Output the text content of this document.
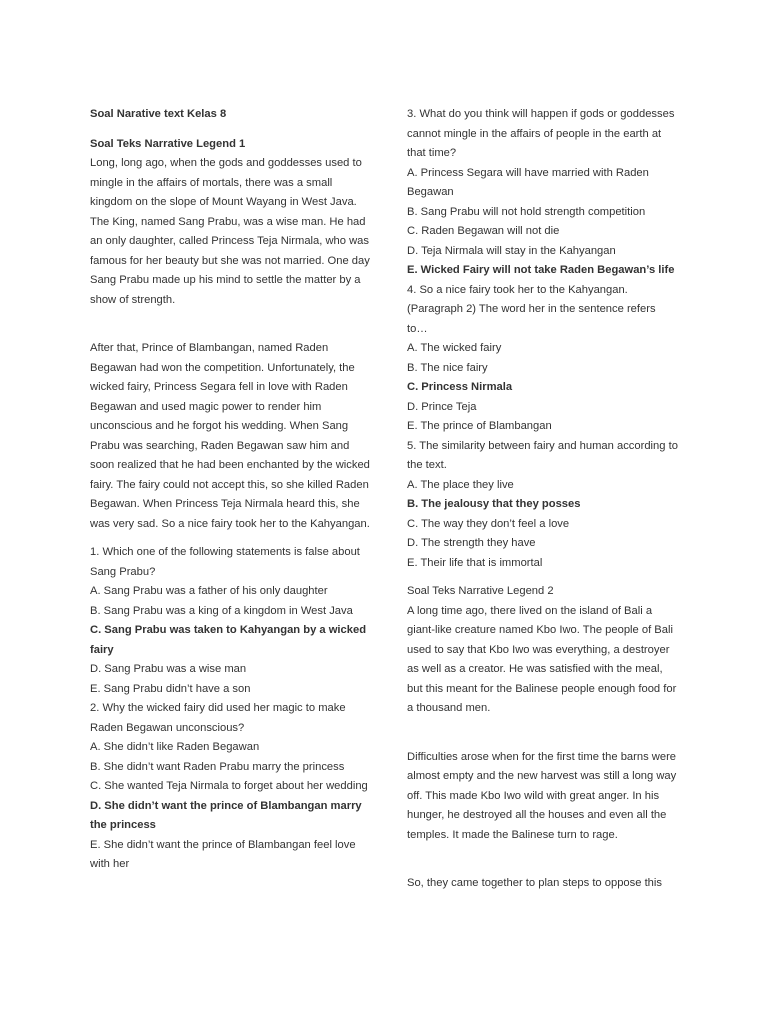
Soal Narative text Kelas 8

Soal Teks Narrative Legend 1

Long, long ago, when the gods and goddesses used to mingle in the affairs of mortals, there was a small kingdom on the slope of Mount Wayang in West Java. The King, named Sang Prabu, was a wise man. He had an only daughter, called Princess Teja Nirmala, who was famous for her beauty but she was not married. One day Sang Prabu made up his mind to settle the matter by a show of strength.

After that, Prince of Blambangan, named Raden Begawan had won the competition. Unfortunately, the wicked fairy, Princess Segara fell in love with Raden Begawan and used magic power to render him unconscious and he forgot his wedding. When Sang Prabu was searching, Raden Begawan saw him and soon realized that he had been enchanted by the wicked fairy. The fairy could not accept this, so she killed Raden Begawan. When Princess Teja Nirmala heard this, she was very sad. So a nice fairy took her to the Kahyangan.

1. Which one of the following statements is false about Sang Prabu?

A. Sang Prabu was a father of his only daughter

B. Sang Prabu was a king of a kingdom in West Java

C. Sang Prabu was taken to Kahyangan by a wicked fairy

D. Sang Prabu was a wise man

E. Sang Prabu didn’t have a son

2. Why the wicked fairy did used her magic to make Raden Begawan unconscious?

A. She didn’t like Raden Begawan

B. She didn’t want Raden Prabu marry the princess

C. She wanted Teja Nirmala to forget about her wedding

D. She didn’t want the prince of Blambangan marry the princess

E. She didn’t want the prince of Blambangan feel love with her

3. What do you think will happen if gods or goddesses cannot mingle in the affairs of people in the earth at that time?

A. Princess Segara will have married with Raden Begawan

B. Sang Prabu will not hold strength competition

C. Raden Begawan will not die

D. Teja Nirmala will stay in the Kahyangan

E. Wicked Fairy will not take Raden Begawan’s life

4. So a nice fairy took her to the Kahyangan. (Paragraph 2) The word her in the sentence refers to…

A. The wicked fairy

B. The nice fairy

C. Princess Nirmala

D. Prince Teja

E. The prince of Blambangan

5. The similarity between fairy and human according to the text.

A. The place they live

B. The jealousy that they posses

C. The way they don’t feel a love

D. The strength they have

E. Their life that is immortal

Soal Teks Narrative Legend 2

A long time ago, there lived on the island of Bali a giant-like creature named Kbo Iwo. The people of Bali used to say that Kbo Iwo was everything, a destroyer as well as a creator. He was satisfied with the meal, but this meant for the Balinese people enough food for a thousand men.

Difficulties arose when for the first time the barns were almost empty and the new harvest was still a long way off. This made Kbo Iwo wild with great anger. In his hunger, he destroyed all the houses and even all the temples. It made the Balinese turn to rage.

So, they came together to plan steps to oppose this
